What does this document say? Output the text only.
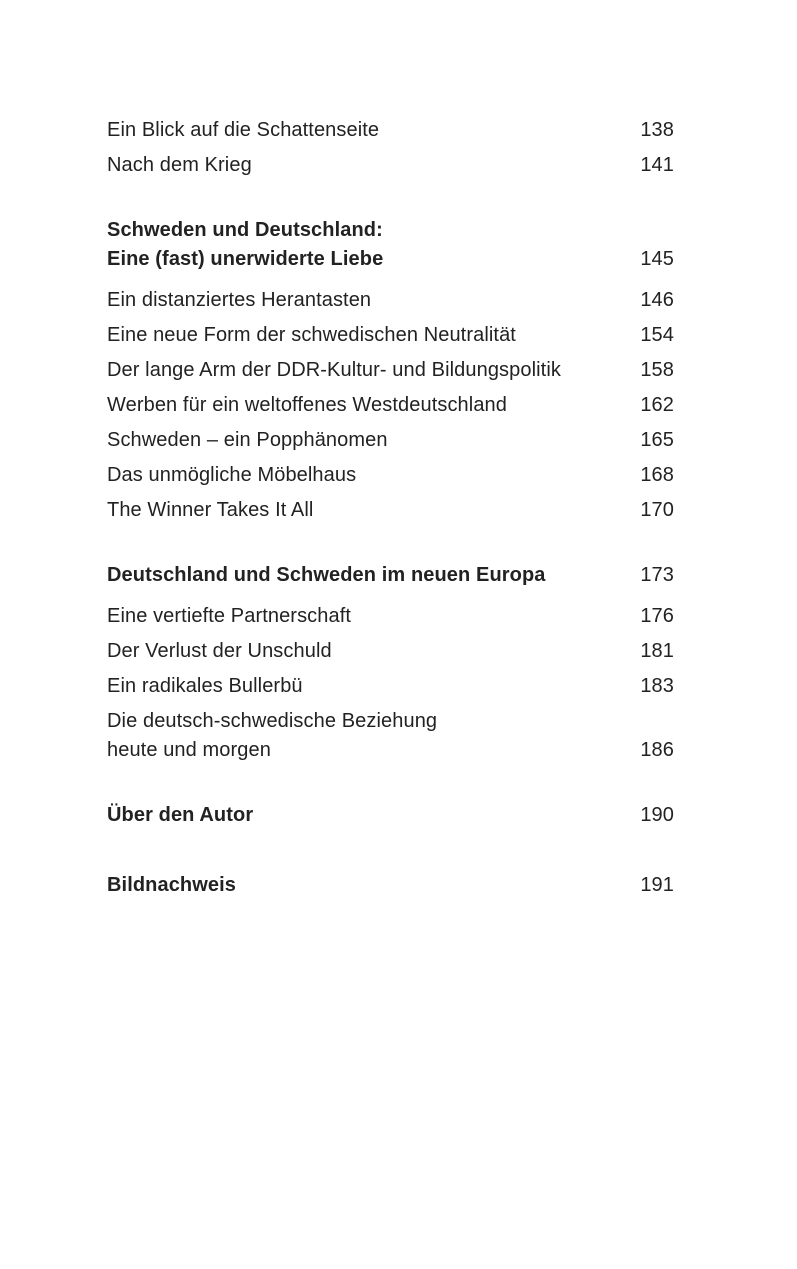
Ein Blick auf die Schattenseite	138
Nach dem Krieg	141
Schweden und Deutschland:
Eine (fast) unerwiderte Liebe	145
Ein distanziertes Herantasten	146
Eine neue Form der schwedischen Neutralität	154
Der lange Arm der DDR-Kultur- und Bildungspolitik	158
Werben für ein weltoffenes Westdeutschland	162
Schweden – ein Popphänomen	165
Das unmögliche Möbelhaus	168
The Winner Takes It All	170
Deutschland und Schweden im neuen Europa	173
Eine vertiefte Partnerschaft	176
Der Verlust der Unschuld	181
Ein radikales Bullerbü	183
Die deutsch-schwedische Beziehung
heute und morgen	186
Über den Autor	190
Bildnachweis	191
